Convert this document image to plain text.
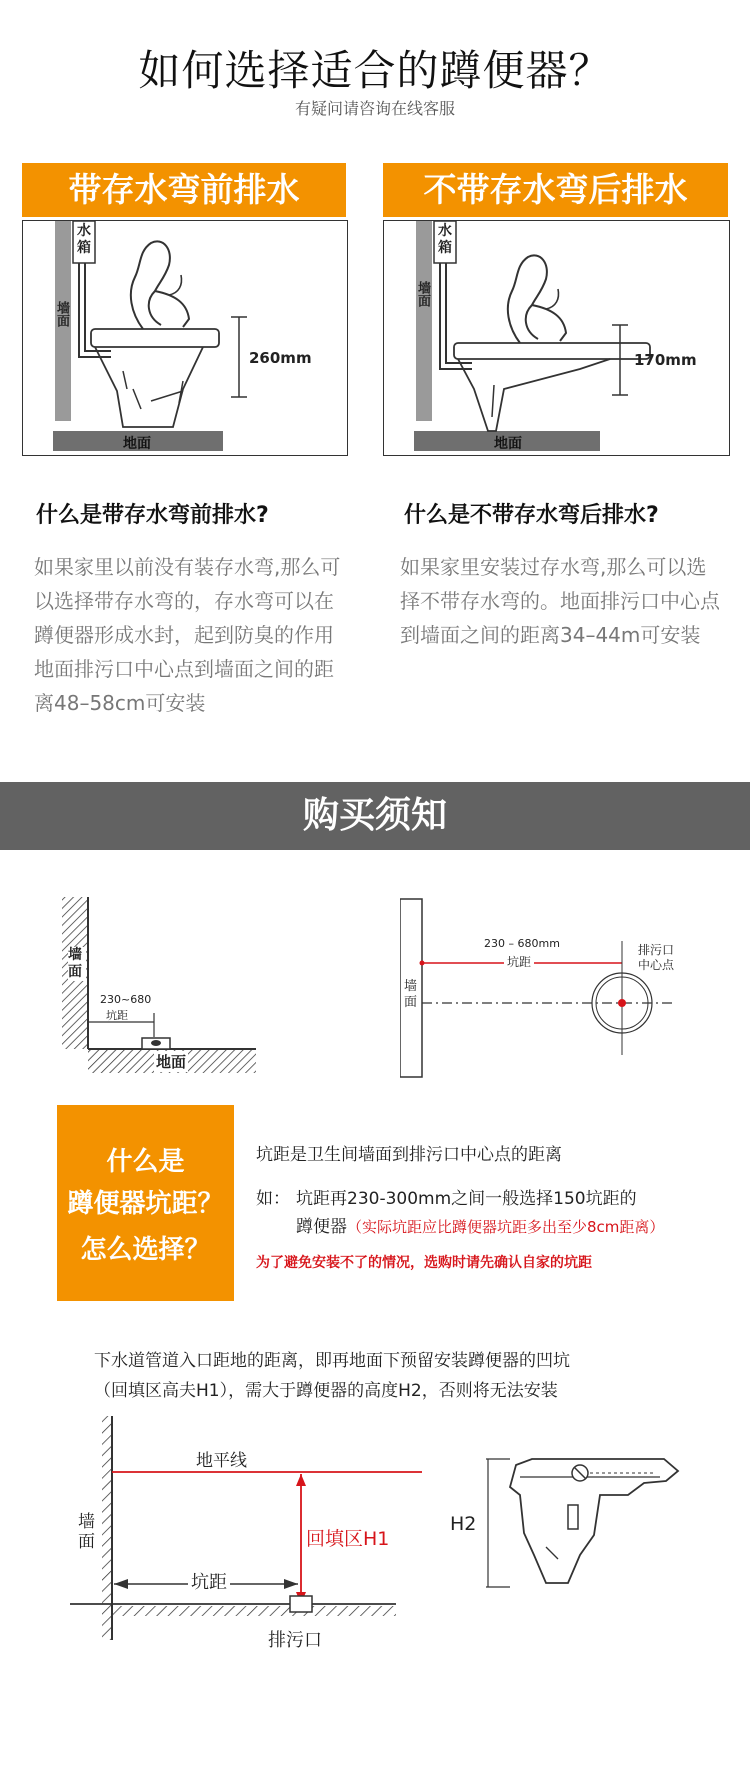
如何选择适合的蹲便器？
有疑问请咨询在线客服
带存水弯前排水
水箱
墙面
地面
260mm
不带存水弯后排水
水箱
墙面
地面
170mm
什么是带存水弯前排水?
如果家里以前没有装存水弯,那么可以选择带存水弯的，存水弯可以在蹲便器形成水封，起到防臭的作用地面排污口中心点到墙面之间的距离48–58cm可安装
什么是不带存水弯后排水?
如果家里安装过存水弯,那么可以选择不带存水弯的。地面排污口中心点到墙面之间的距离34–44m可安装
购买须知
墙面
230~680
坑距
地面
墙面
230 – 680mm
坑距
排污口中心点
什么是
蹲便器坑距？
怎么选择？
坑距是卫生间墙面到排污口中心点的距离
如： 坑距再230-300mm之间一般选择150坑距的
蹲便器（实际坑距应比蹲便器坑距多出至少8cm距离）
为了避免安装不了的情况，选购时请先确认自家的坑距
下水道管道入口距地的距离，即再地面下预留安装蹲便器的凹坑
（回填区高夫H1），需大于蹲便器的高度H2，否则将无法安装
地平线
墙面	回填区H1
坑距
排污口
H2
